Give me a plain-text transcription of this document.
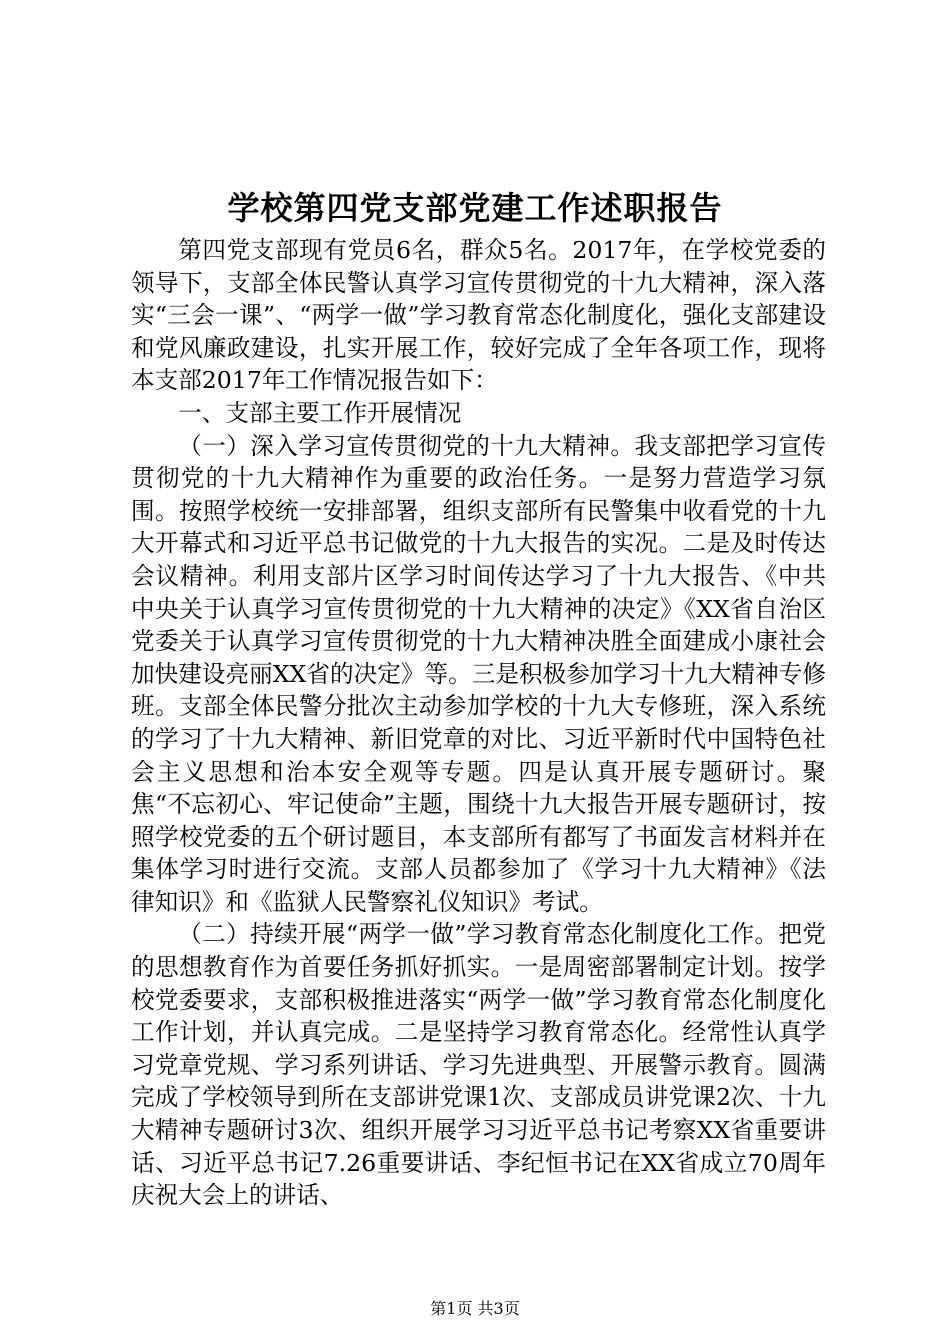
学校第四党支部党建工作述职报告

第四党支部现有党员6名，群众5名。2017年，在学校党委的领导下，支部全体民警认真学习宣传贯彻党的十九大精神，深入落实“三会一课”、“两学一做”学习教育常态化制度化，强化支部建设和党风廉政建设，扎实开展工作，较好完成了全年各项工作，现将本支部2017年工作情况报告如下：

一、支部主要工作开展情况

（一）深入学习宣传贯彻党的十九大精神。我支部把学习宣传贯彻党的十九大精神作为重要的政治任务。一是努力营造学习氛围。按照学校统一安排部署，组织支部所有民警集中收看党的十九大开幕式和习近平总书记做党的十九大报告的实况。二是及时传达会议精神。利用支部片区学习时间传达学习了十九大报告、《中共中央关于认真学习宣传贯彻党的十九大精神的决定》《XX省自治区党委关于认真学习宣传贯彻党的十九大精神决胜全面建成小康社会加快建设亮丽XX省的决定》等。三是积极参加学习十九大精神专修班。支部全体民警分批次主动参加学校的十九大专修班，深入系统的学习了十九大精神、新旧党章的对比、习近平新时代中国特色社会主义思想和治本安全观等专题。四是认真开展专题研讨。聚焦“不忘初心、牢记使命”主题，围绕十九大报告开展专题研讨，按照学校党委的五个研讨题目，本支部所有都写了书面发言材料并在集体学习时进行交流。支部人员都参加了《学习十九大精神》《法律知识》和《监狱人民警察礼仪知识》考试。

（二）持续开展“两学一做”学习教育常态化制度化工作。把党的思想教育作为首要任务抓好抓实。一是周密部署制定计划。按学校党委要求，支部积极推进落实“两学一做”学习教育常态化制度化工作计划，并认真完成。二是坚持学习教育常态化。经常性认真学习党章党规、学习系列讲话、学习先进典型、开展警示教育。圆满完成了学校领导到所在支部讲党课1次、支部成员讲党课2次、十九大精神专题研讨3次、组织开展学习习近平总书记考察XX省重要讲话、习近平总书记7.26重要讲话、李纪恒书记在XX省成立70周年庆祝大会上的讲话、

第1页 共3页
